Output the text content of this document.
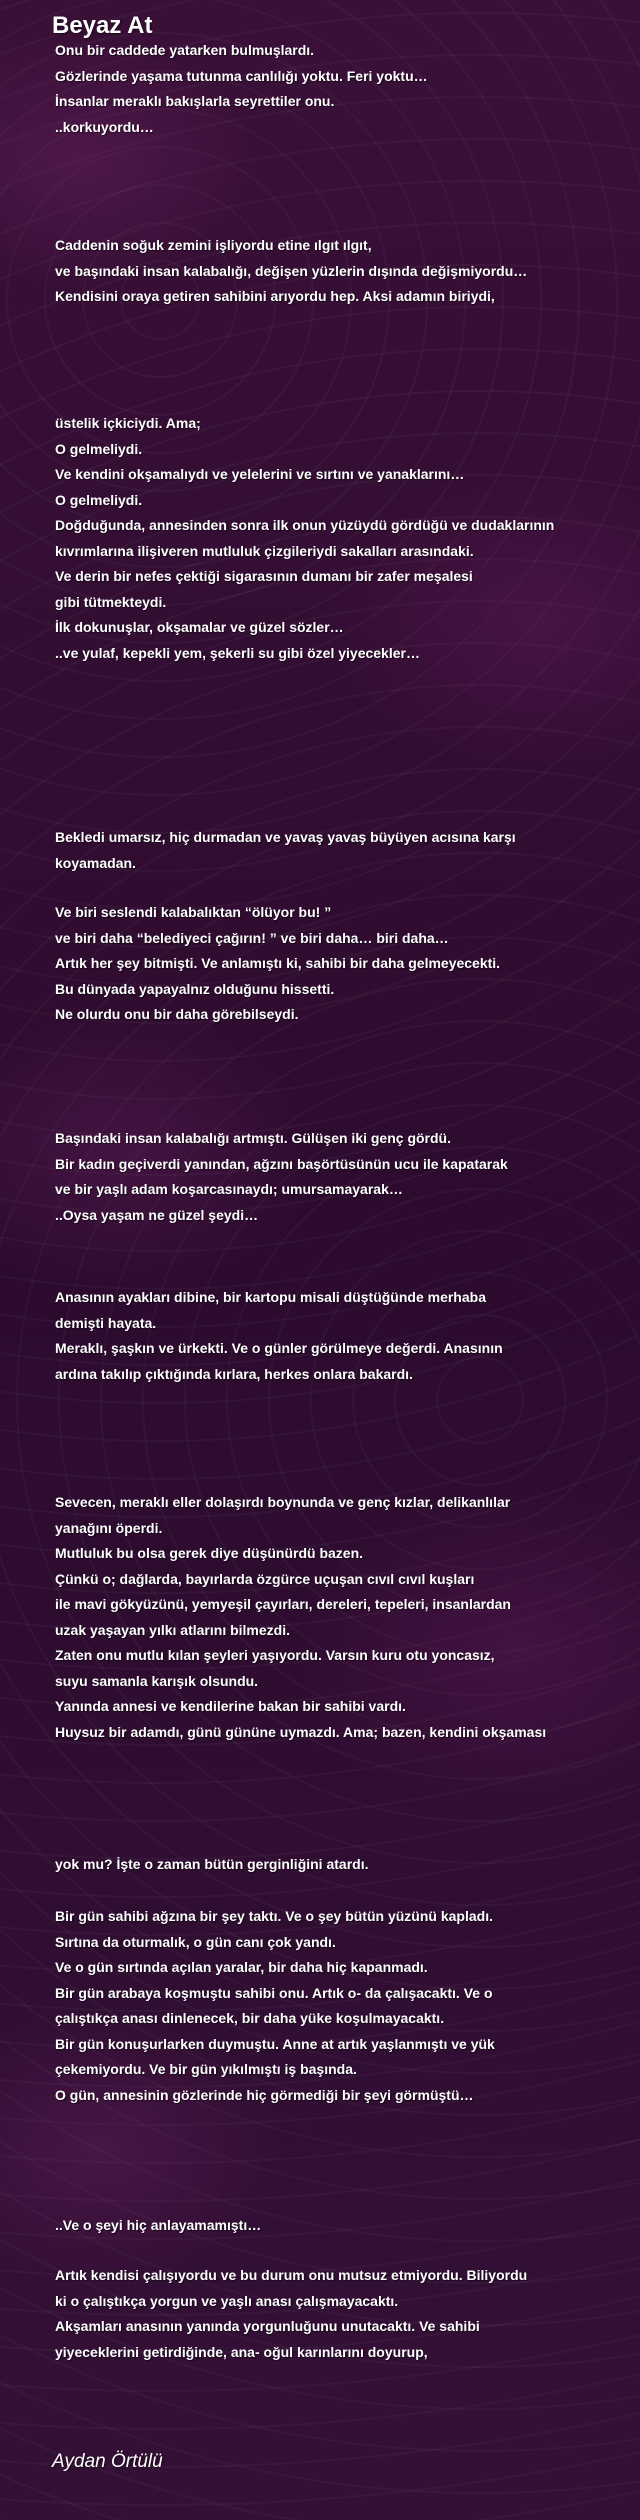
Beyaz At
Onu bir caddede yatarken bulmuşlardı.
Gözlerinde yaşama tutunma canlılığı yoktu. Feri yoktu…
İnsanlar meraklı bakışlarla seyrettiler onu.
..korkuyordu…
Caddenin soğuk zemini işliyordu etine ılgıt ılgıt,
ve başındaki insan kalabalığı, değişen yüzlerin dışında değişmiyordu…
Kendisini oraya getiren sahibini arıyordu hep. Aksi adamın biriydi,
üstelik içkiciydi. Ama;
O gelmeliydi.
Ve kendini okşamalıydı ve yelelerini ve sırtını ve yanaklarını…
O gelmeliydi.
Doğduğunda, annesinden sonra ilk onun yüzüydü gördüğü ve dudaklarının
kıvrımlarına ilişiveren mutluluk çizgileriydi sakalları arasındaki.
Ve derin bir nefes çektiği sigarasının dumanı bir zafer meşalesi
gibi tütmekteydi.
İlk dokunuşlar, okşamalar ve güzel sözler…
..ve yulaf, kepekli yem, şekerli su gibi özel yiyecekler…
Bekledi umarsız, hiç durmadan ve yavaş yavaş büyüyen acısına karşı
koyamadan.
Ve biri seslendi kalabalıktan “ölüyor bu! ”
ve biri daha “belediyeci çağırın! ” ve biri daha… biri daha…
Artık her şey bitmişti. Ve anlamıştı ki, sahibi bir daha gelmeyecekti.
Bu dünyada yapayalnız olduğunu hissetti.
Ne olurdu onu bir daha görebilseydi.
Başındaki insan kalabalığı artmıştı. Gülüşen iki genç gördü.
Bir kadın geçiverdi yanından, ağzını başörtüsünün ucu ile kapatarak
ve bir yaşlı adam koşarcasınaydı; umursamayarak…
..Oysa yaşam ne güzel şeydi…
Anasının ayakları dibine, bir kartopu misali düştüğünde merhaba
demişti hayata.
Meraklı, şaşkın ve ürkekti. Ve o günler görülmeye değerdi. Anasının
ardına takılıp çıktığında kırlara, herkes onlara bakardı.
Sevecen, meraklı eller dolaşırdı boynunda ve genç kızlar, delikanlılar
yanağını öperdi.
Mutluluk bu olsa gerek diye düşünürdü bazen.
Çünkü o; dağlarda, bayırlarda özgürce uçuşan cıvıl cıvıl kuşları
ile mavi gökyüzünü, yemyeşil çayırları, dereleri, tepeleri, insanlardan
uzak yaşayan yılkı atlarını bilmezdi.
Zaten onu mutlu kılan şeyleri yaşıyordu. Varsın kuru otu yoncasız,
suyu samanla karışık olsundu.
Yanında annesi ve kendilerine bakan bir sahibi vardı.
Huysuz bir adamdı, günü gününe uymazdı. Ama; bazen, kendini okşaması
yok mu? İşte o zaman bütün gerginliğini atardı.
Bir gün sahibi ağzına bir şey taktı. Ve o şey bütün yüzünü kapladı.
Sırtına da oturmalık, o gün canı çok yandı.
Ve o gün sırtında açılan yaralar, bir daha hiç kapanmadı.
Bir gün arabaya koşmuştu sahibi onu. Artık o- da çalışacaktı. Ve o
çalıştıkça anası dinlenecek, bir daha yüke koşulmayacaktı.
Bir gün konuşurlarken duymuştu. Anne at artık yaşlanmıştı ve yük
çekemiyordu. Ve bir gün yıkılmıştı iş başında.
O gün, annesinin gözlerinde hiç görmediği bir şeyi görmüştü…
..Ve o şeyi hiç anlayamamıştı…
Artık kendisi çalışıyordu ve bu durum onu mutsuz etmiyordu. Biliyordu
ki o çalıştıkça yorgun ve yaşlı anası çalışmayacaktı.
Akşamları anasının yanında yorgunluğunu unutacaktı. Ve sahibi
yiyeceklerini getirdiğinde, ana- oğul karınlarını doyurup,

Aydan Örtülü
